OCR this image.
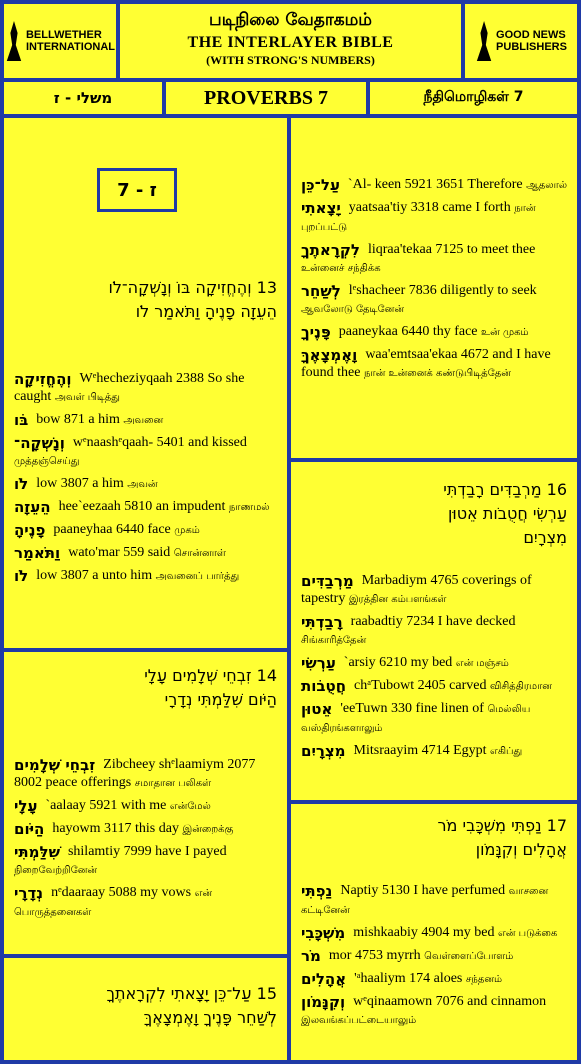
BELLWETHER
INTERNATIONAL
படிநிலை வேதாகமம்
THE INTERLAYER BIBLE
(WITH STRONG'S NUMBERS)
GOOD NEWS
PUBLISHERS
משלי - ז	PROVERBS 7	நீதிமொழிகள் 7
7 - ז
13 וְהֶחֱזִיקָה בּוֹ וְנָשְׁקָה־לֹו
הֵעֵזָה פָנֶיהָ וַתֹּאמַר לֹו
וְהֶחֱזִיקָה Wᵉhecheziyqaah 2388 So she caught அவள் பிடித்து
בֹּו bow 871 a him அவனை
וְנָשְׁקָה־ wᵉnaashᵉqaah- 5401 and kissed முத்தஞ்செய்து
לֹו low 3807 a him அவன்
הֵעֵזָה hee`eezaah 5810 an impudent நாணமல்
פָנֶיהָ paaneyhaa 6440 face முகம்
וַתֹּאמַר wato'mar 559 said சொன்னாள்
לֹו low 3807 a unto him அவனைப் பார்த்து
14 זִבְחֵי שְׁלָמִים עָלָי
הַיֹּום שִׁלַּמְתִּי נְדָרָי
זִבְחֵי שְׁלָמִים Zibcheey shᵉlaamiym 2077 8002 peace offerings சமாதான பலிகள்
עָלָי `aalaay 5921 with me என்மேல்
הַיֹּום hayowm 3117 this day இன்றைக்கு
שִׁלַּמְתִּי shilamtiy 7999 have I payed நிறைவேற்றினேன்
נְדָרָי nᵉdaaraay 5088 my vows என் பொருத்தனைகள்
15 עַל־כֵּן יָצָאתִי לִקְרָאתֶךָ
לְשַׁחֵר פָּנֶיךָ וָאֶמְצָאֶךָּ
עַל־כֵּן `Al- keen 5921 3651 Therefore ஆதலால்
יָצָאתִי yaatsaa'tiy 3318 came I forth நான் புறப்பட்டு
לִקְרָאתֶךָ liqraa'tekaa 7125 to meet thee உன்னைச் சந்திக்க
לְשַׁחֵר lᵉshacheer 7836 diligently to seek ஆவலோடு தேடினேன்
פָּנֶיךָ paaneykaa 6440 thy face உன் முகம்
וָאֶמְצָאֶךָּ waa'emtsaa'ekaa 4672 and I have found thee நான் உன்னைக் கண்டுபிடித்தேன்
16 מַרְבַדִּים רָבַדְתִּי
עַרְשִׂי חֲטֻבֹות אֵטוּן
מִצְרָיִם
מַרְבַדִּים Marbadiym 4765 coverings of tapestry இரத்தின கம்பளங்கள்
רָבַדְתִּי raabadtiy 7234 I have decked சிங்காரித்தேன்
עַרְשִׂי `arsiy 6210 my bed என் மஞ்சம்
חֲטֻבֹות chᵃTubowt 2405 carved விசித்திரமான
אֵטוּן 'eeTuwn 330 fine linen of மெல்லிய வஸ்திரங்களாலும்
מִצְרָיִם Mitsraayim 4714 Egypt எகிப்து
17 נַפְתִּי מִשְׁכָּבִי מֹר
אֲהָלִים וְקִנָּמֹון
נַפְתִּי Naptiy 5130 I have perfumed வாசனை கட்டினேன்
מִשְׁכָּבִי mishkaabiy 4904 my bed என் படுக்கை
מֹר mor 4753 myrrh வெள்ளைப்போளம்
אֲהָלִים 'ᵃhaaliym 174 aloes சந்தனம்
וְקִנָּמֹון wᵉqinaamown 7076 and cinnamon இலவங்கப்பட்டையாலும்
